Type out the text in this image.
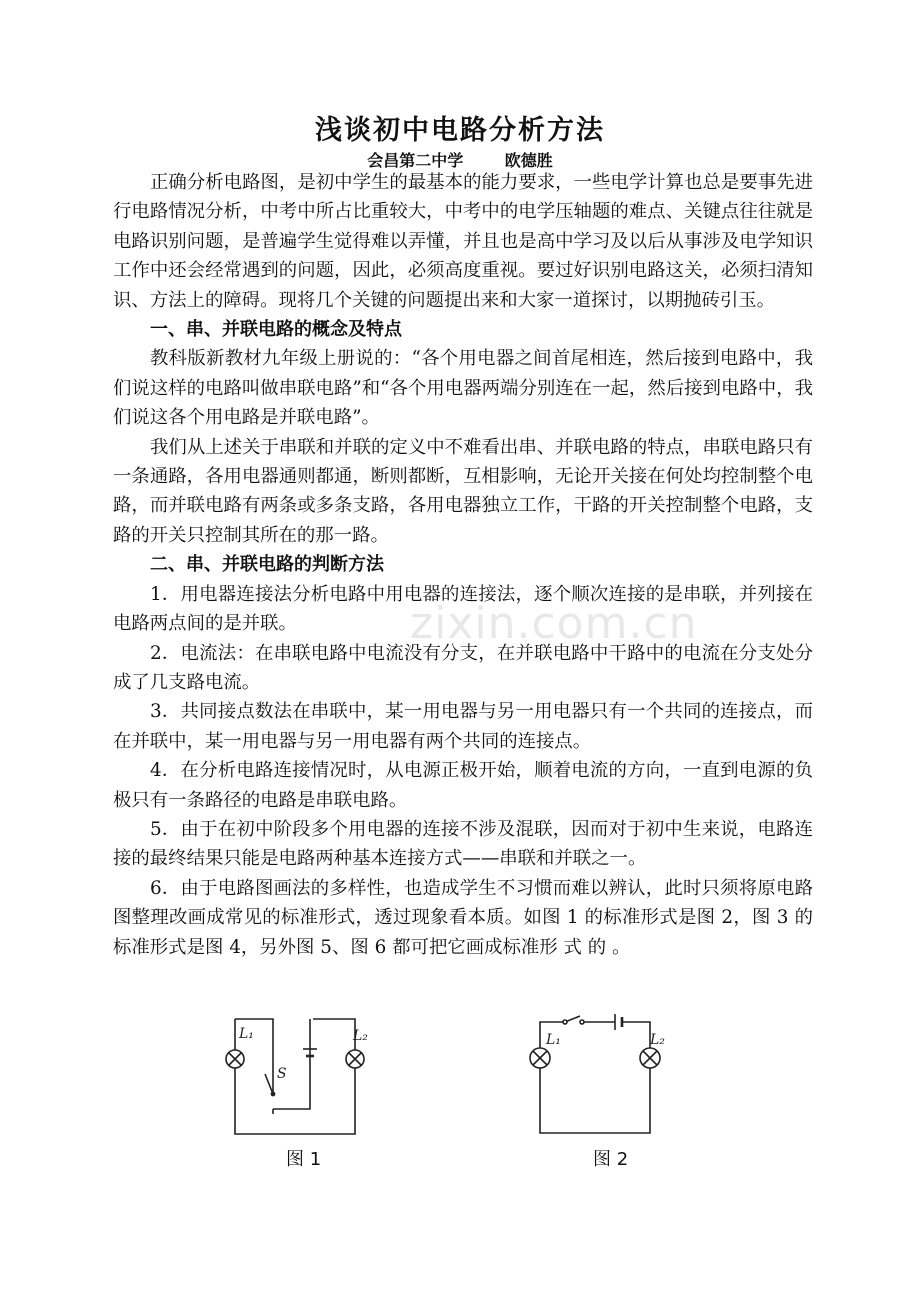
zixin.com.cn
浅谈初中电路分析方法
会昌第二中学	欧德胜

正确分析电路图，是初中学生的最基本的能力要求，一些电学计算也总是要事先进行电路情况分析，中考中所占比重较大，中考中的电学压轴题的难点、关键点往往就是电路识别问题，是普遍学生觉得难以弄懂，并且也是高中学习及以后从事涉及电学知识工作中还会经常遇到的问题，因此，必须高度重视。要过好识别电路这关，必须扫清知识、方法上的障碍。现将几个关键的问题提出来和大家一道探讨，以期抛砖引玉。

一、串、并联电路的概念及特点

教科版新教材九年级上册说的：“各个用电器之间首尾相连，然后接到电路中，我们说这样的电路叫做串联电路”和“各个用电器两端分别连在一起，然后接到电路中，我们说这各个用电路是并联电路”。

我们从上述关于串联和并联的定义中不难看出串、并联电路的特点，串联电路只有一条通路，各用电器通则都通，断则都断，互相影响，无论开关接在何处均控制整个电路，而并联电路有两条或多条支路，各用电器独立工作，干路的开关控制整个电路，支路的开关只控制其所在的那一路。

二、串、并联电路的判断方法

1．用电器连接法分析电路中用电器的连接法，逐个顺次连接的是串联，并列接在电路两点间的是并联。

2．电流法：在串联电路中电流没有分支，在并联电路中干路中的电流在分支处分成了几支路电流。

3．共同接点数法在串联中，某一用电器与另一用电器只有一个共同的连接点，而在并联中，某一用电器与另一用电器有两个共同的连接点。

4．在分析电路连接情况时，从电源正极开始，顺着电流的方向，一直到电源的负极只有一条路径的电路是串联电路。

5．由于在初中阶段多个用电器的连接不涉及混联，因而对于初中生来说，电路连接的最终结果只能是电路两种基本连接方式——串联和并联之一。

6．由于电路图画法的多样性，也造成学生不习惯而难以辨认，此时只须将原电路图整理改画成常见的标准形式，透过现象看本质。如图 1 的标准形式是图 2，图 3 的标准形式是图 4，另外图 5、图 6 都可把它画成标准形 式 的 。

L₁	L₂
S
图 1
L₁	L₂
图 2
